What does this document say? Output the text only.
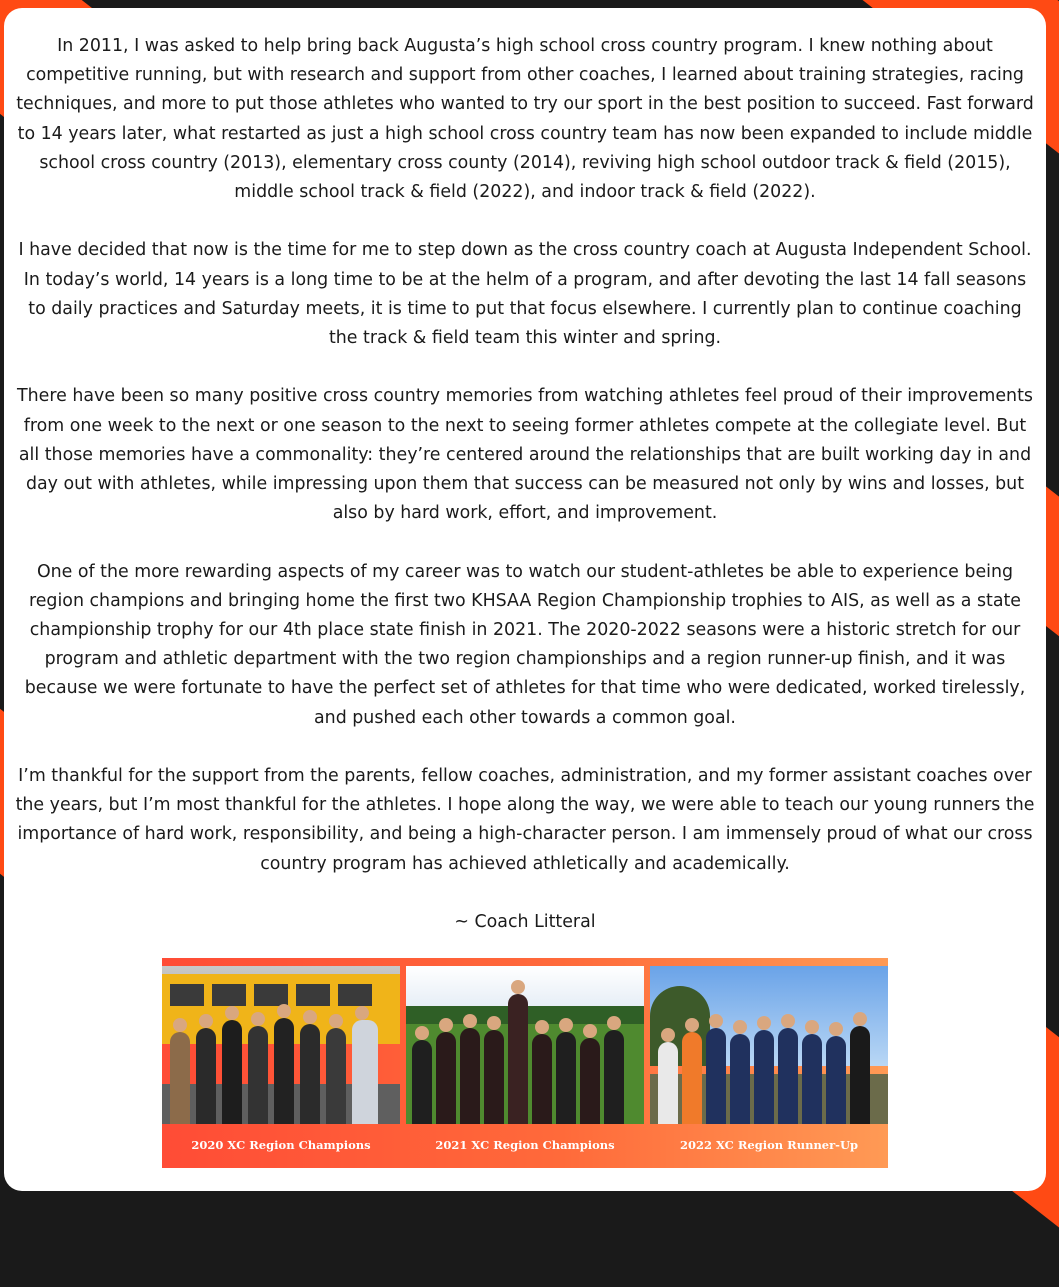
In 2011, I was asked to help bring back Augusta’s high school cross country program. I knew nothing about competitive running, but with research and support from other coaches, I learned about training strategies, racing techniques, and more to put those athletes who wanted to try our sport in the best position to succeed. Fast forward to 14 years later, what restarted as just a high school cross country team has now been expanded to include middle school cross country (2013), elementary cross county (2014), reviving high school outdoor track & field (2015), middle school track & field (2022), and indoor track & field (2022).

I have decided that now is the time for me to step down as the cross country coach at Augusta Independent School. In today’s world, 14 years is a long time to be at the helm of a program, and after devoting the last 14 fall seasons to daily practices and Saturday meets, it is time to put that focus elsewhere. I currently plan to continue coaching the track & field team this winter and spring.

There have been so many positive cross country memories from watching athletes feel proud of their improvements from one week to the next or one season to the next to seeing former athletes compete at the collegiate level. But all those memories have a commonality: they’re centered around the relationships that are built working day in and day out with athletes, while impressing upon them that success can be measured not only by wins and losses, but also by hard work, effort, and improvement.

One of the more rewarding aspects of my career was to watch our student-athletes be able to experience being region champions and bringing home the first two KHSAA Region Championship trophies to AIS, as well as a state championship trophy for our 4th place state finish in 2021. The 2020-2022 seasons were a historic stretch for our program and athletic department with the two region championships and a region runner-up finish, and it was because we were fortunate to have the perfect set of athletes for that time who were dedicated, worked tirelessly, and pushed each other towards a common goal.

I’m thankful for the support from the parents, fellow coaches, administration, and my former assistant coaches over the years, but I’m most thankful for the athletes. I hope along the way, we were able to teach our young runners the importance of hard work, responsibility, and being a high-character person. I am immensely proud of what our cross country program has achieved athletically and academically.

~ Coach Litteral

2020 XC Region Champions	2021 XC Region Champions	2022 XC Region Runner-Up
